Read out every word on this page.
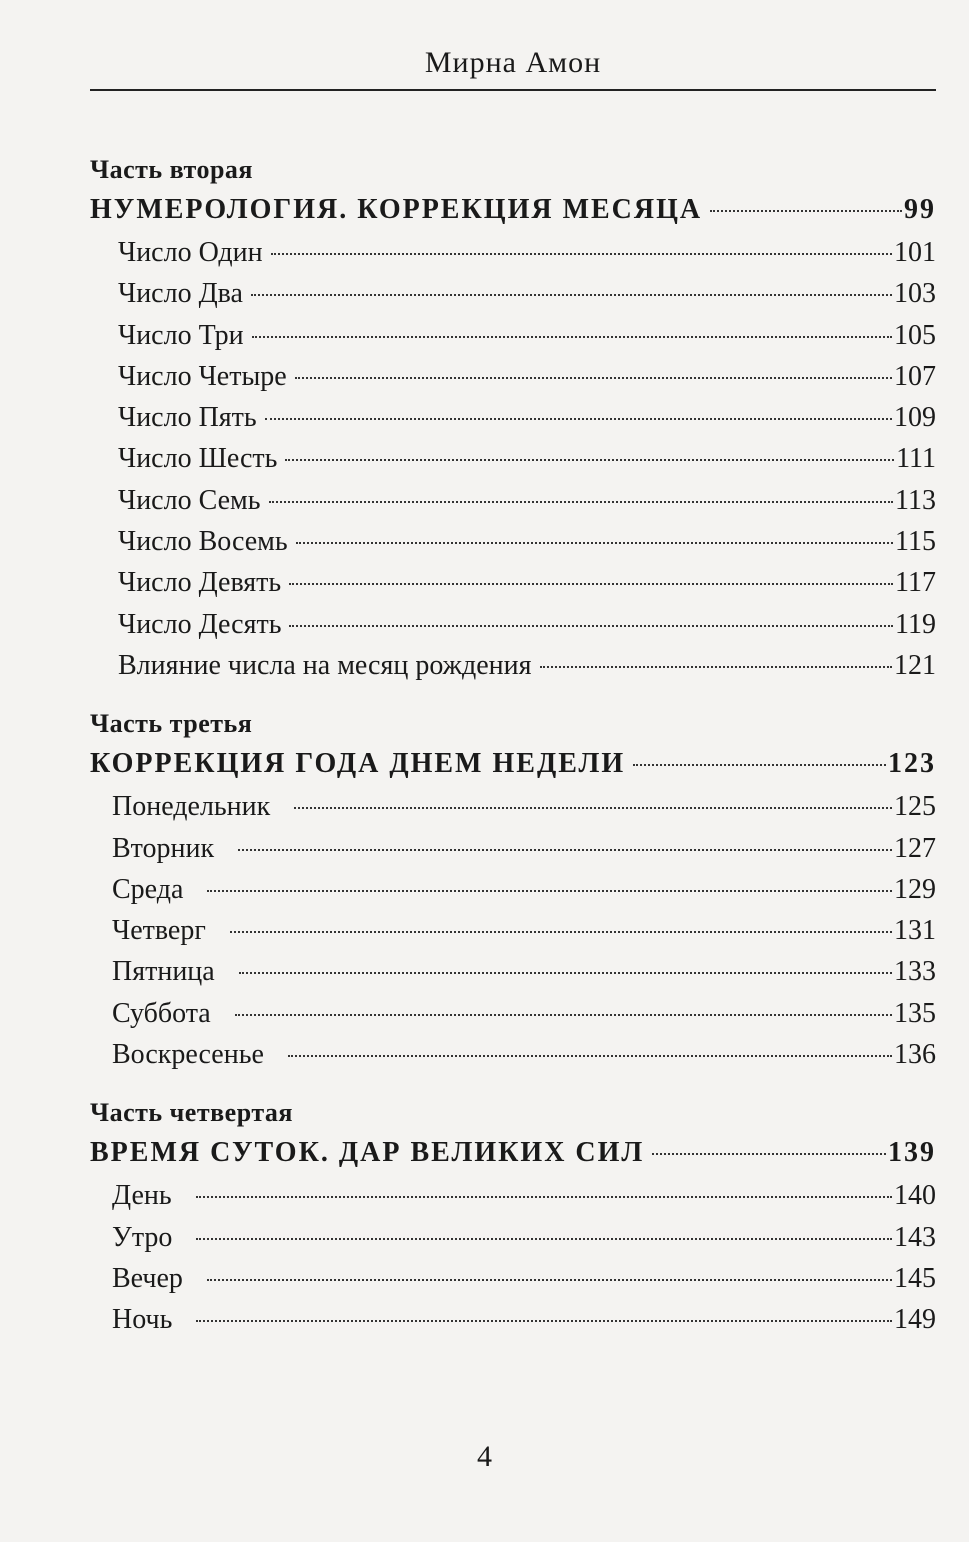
Мирна Амон
Часть вторая
НУМЕРОЛОГИЯ. КОРРЕКЦИЯ МЕСЯЦА	99
Число Один	101
Число Два	103
Число Три	105
Число Четыре	107
Число Пять	109
Число Шесть	111
Число Семь	113
Число Восемь	115
Число Девять	117
Число Десять	119
Влияние числа на месяц рождения	121
Часть третья
КОРРЕКЦИЯ ГОДА ДНЕМ НЕДЕЛИ	123
Понедельник	125
Вторник	127
Среда	129
Четверг	131
Пятница	133
Суббота	135
Воскресенье	136
Часть четвертая
ВРЕМЯ СУТОК. ДАР ВЕЛИКИХ СИЛ	139
День	140
Утро	143
Вечер	145
Ночь	149
4
